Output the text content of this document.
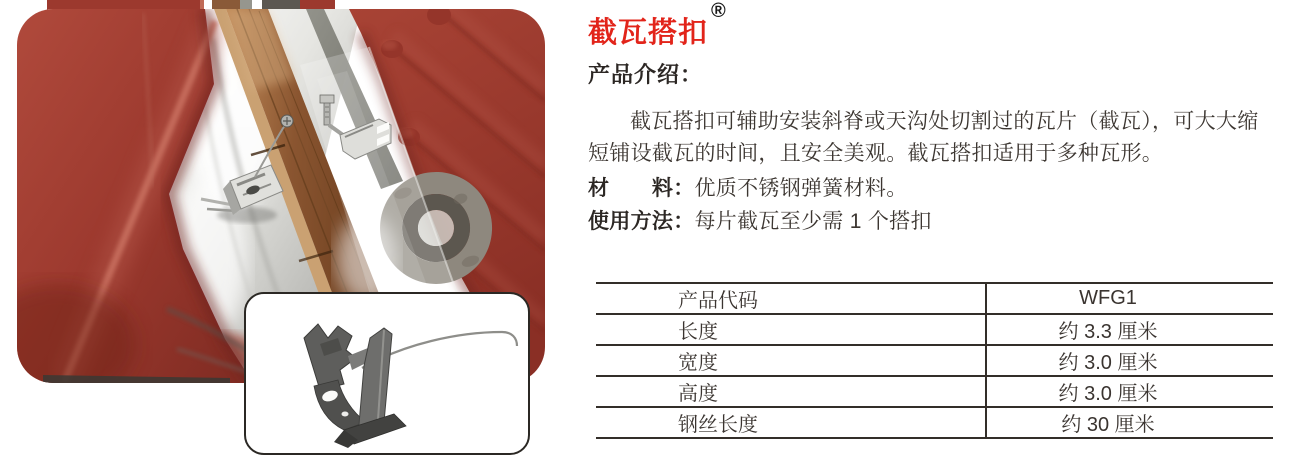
截瓦搭扣®
产品介绍：
截瓦搭扣可辅助安装斜脊或天沟处切割过的瓦片（截瓦），可大大缩
短铺设截瓦的时间，且安全美观。截瓦搭扣适用于多种瓦形。
材　　料：优质不锈钢弹簧材料。
使用方法：每片截瓦至少需 1 个搭扣
产品代码	WFG1
长度	约 3.3 厘米
宽度	约 3.0 厘米
高度	约 3.0 厘米
钢丝长度	约 30 厘米
